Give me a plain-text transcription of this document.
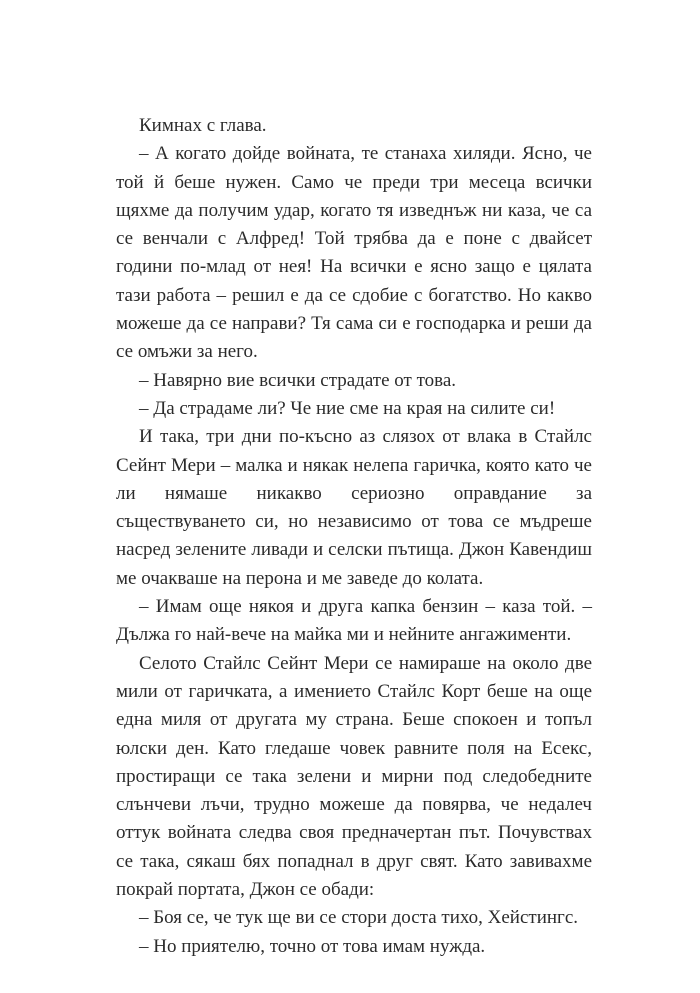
Кимнах с глава.

– А когато дойде войната, те станаха хиляди. Ясно, че той й беше нужен. Само че преди три месеца всички щяхме да получим удар, когато тя изведнъж ни каза, че са се венчали с Алфред! Той трябва да е поне с двайсет години по-млад от нея! На всички е ясно защо е цялата тази работа – решил е да се сдобие с богатство. Но какво можеше да се направи? Тя сама си е господарка и реши да се омъжи за него.

– Навярно вие всички страдате от това.

– Да страдаме ли? Че ние сме на края на силите си!

И така, три дни по-късно аз слязох от влака в Стайлс Сейнт Мери – малка и някак нелепа гаричка, която като че ли нямаше никакво сериозно оправдание за съществуването си, но независимо от това се мъдреше насред зелените ливади и селски пътища. Джон Кавендиш ме очакваше на перона и ме заведе до колата.

– Имам още някоя и друга капка бензин – каза той. – Дължа го най-вече на майка ми и нейните ангажименти.

Селото Стайлс Сейнт Мери се намираше на около две мили от гаричката, а имението Стайлс Корт беше на още една миля от другата му страна. Беше спокоен и топъл юлски ден. Като гледаше човек равните поля на Есекс, простиращи се така зелени и мирни под следобедните слънчеви лъчи, трудно можеше да повярва, че недалеч оттук войната следва своя предначертан път. Почувствах се така, сякаш бях попаднал в друг свят. Като завивахме покрай портата, Джон се обади:

– Боя се, че тук ще ви се стори доста тихо, Хейстингс.

– Но приятелю, точно от това имам нужда.
